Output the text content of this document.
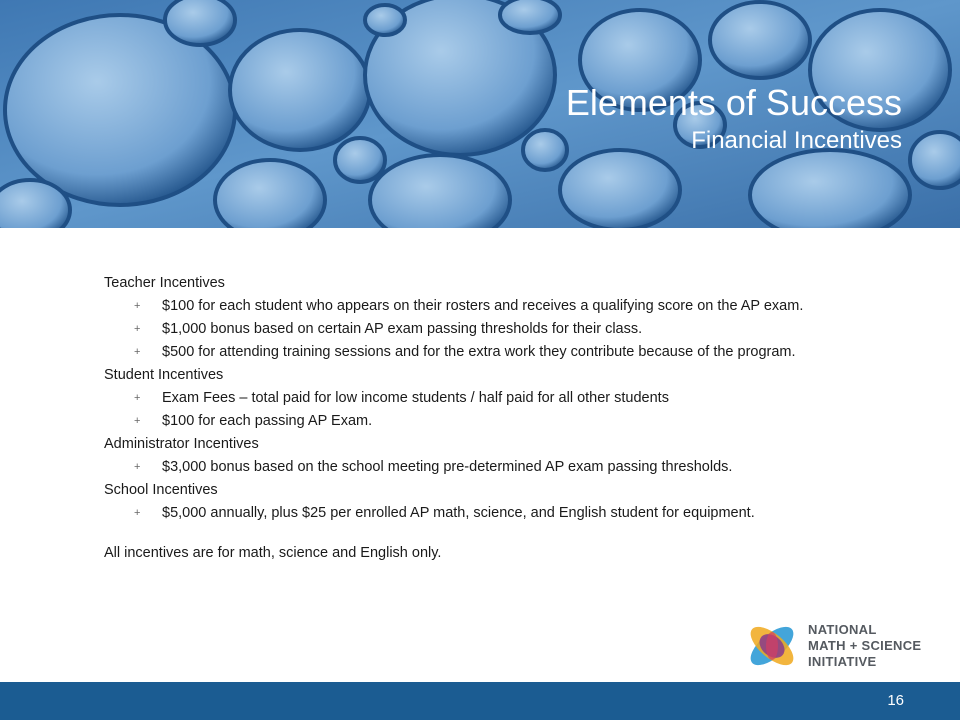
Elements of Success
Financial Incentives
Teacher Incentives
+ $100 for each student who appears on their rosters and receives a qualifying score on the AP exam.
+ $1,000 bonus based on certain AP exam passing thresholds for their class.
+ $500 for attending training sessions and for the extra work they contribute because of the program.
Student Incentives
+ Exam Fees – total paid for low income students / half paid for all other students
+ $100 for each passing AP Exam.
Administrator Incentives
+ $3,000 bonus based on the school meeting pre-determined AP exam passing thresholds.
School Incentives
+ $5,000 annually, plus $25 per enrolled AP math, science, and English student for equipment.
All incentives are for math, science and English only.
NATIONAL
MATH + SCIENCE
INITIATIVE
16
